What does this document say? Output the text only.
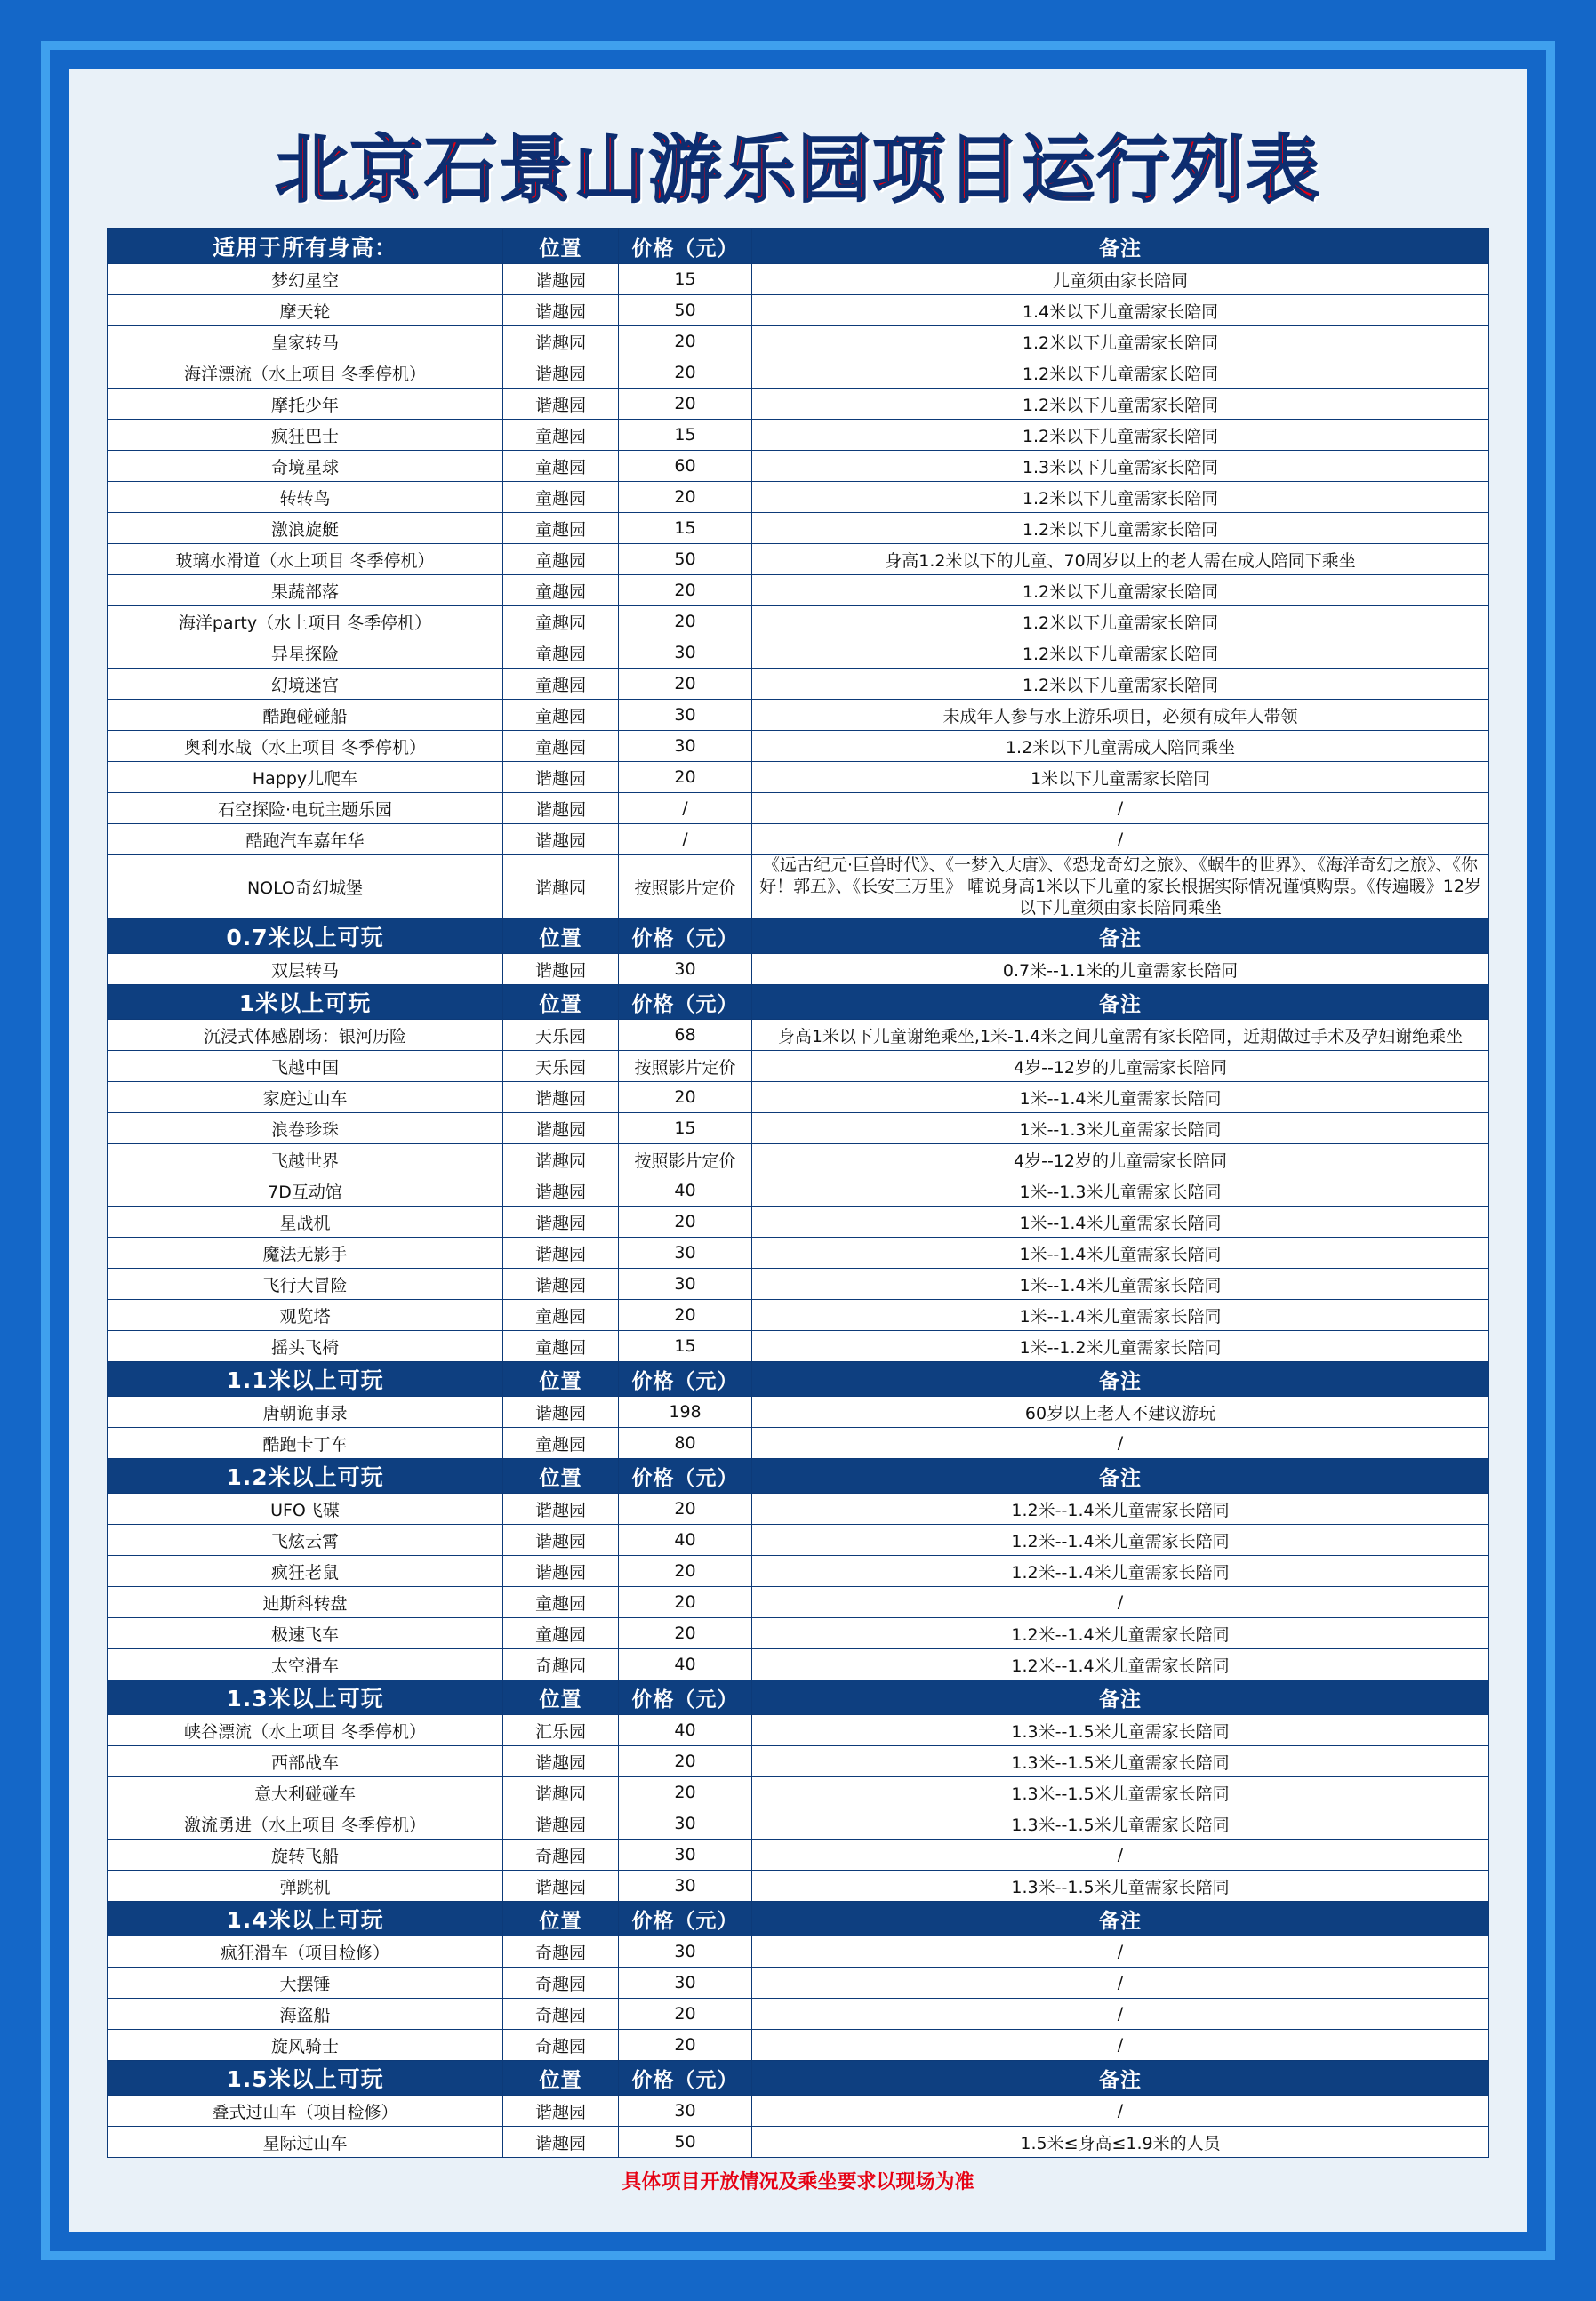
北京石景山游乐园项目运行列表
适用于所有身高：	位置	价格（元）	备注
梦幻星空	谐趣园	15	儿童须由家长陪同
摩天轮	谐趣园	50	1.4米以下儿童需家长陪同
皇家转马	谐趣园	20	1.2米以下儿童需家长陪同
海洋漂流（水上项目 冬季停机）	谐趣园	20	1.2米以下儿童需家长陪同
摩托少年	谐趣园	20	1.2米以下儿童需家长陪同
疯狂巴士	童趣园	15	1.2米以下儿童需家长陪同
奇境星球	童趣园	60	1.3米以下儿童需家长陪同
转转鸟	童趣园	20	1.2米以下儿童需家长陪同
激浪旋艇	童趣园	15	1.2米以下儿童需家长陪同
玻璃水滑道（水上项目 冬季停机）	童趣园	50	身高1.2米以下的儿童、70周岁以上的老人需在成人陪同下乘坐
果蔬部落	童趣园	20	1.2米以下儿童需家长陪同
海洋party（水上项目 冬季停机）	童趣园	20	1.2米以下儿童需家长陪同
异星探险	童趣园	30	1.2米以下儿童需家长陪同
幻境迷宫	童趣园	20	1.2米以下儿童需家长陪同
酷跑碰碰船	童趣园	30	未成年人参与水上游乐项目，必须有成年人带领
奥利水战（水上项目 冬季停机）	童趣园	30	1.2米以下儿童需成人陪同乘坐
Happy儿爬车	谐趣园	20	1米以下儿童需家长陪同
石空探险·电玩主题乐园	谐趣园	/	/
酷跑汽车嘉年华	谐趣园	/	/
NOLO奇幻城堡	谐趣园	按照影片定价	《远古纪元·巨兽时代》、《一梦入大唐》、《恐龙奇幻之旅》、《蜗牛的世界》、《海洋奇幻之旅》、《你好！郭五》、《长安三万里》 嚯说身高1米以下儿童的家长根据实际情况谨慎购票。《传遍暖》12岁以下儿童须由家长陪同乘坐
0.7米以上可玩	位置	价格（元）	备注
双层转马	谐趣园	30	0.7米--1.1米的儿童需家长陪同
1米以上可玩	位置	价格（元）	备注
沉浸式体感剧场：银河历险	天乐园	68	身高1米以下儿童谢绝乘坐,1米-1.4米之间儿童需有家长陪同，近期做过手术及孕妇谢绝乘坐
飞越中国	天乐园	按照影片定价	4岁--12岁的儿童需家长陪同
家庭过山车	谐趣园	20	1米--1.4米儿童需家长陪同
浪卷珍珠	谐趣园	15	1米--1.3米儿童需家长陪同
飞越世界	谐趣园	按照影片定价	4岁--12岁的儿童需家长陪同
7D互动馆	谐趣园	40	1米--1.3米儿童需家长陪同
星战机	谐趣园	20	1米--1.4米儿童需家长陪同
魔法无影手	谐趣园	30	1米--1.4米儿童需家长陪同
飞行大冒险	谐趣园	30	1米--1.4米儿童需家长陪同
观览塔	童趣园	20	1米--1.4米儿童需家长陪同
摇头飞椅	童趣园	15	1米--1.2米儿童需家长陪同
1.1米以上可玩	位置	价格（元）	备注
唐朝诡事录	谐趣园	198	60岁以上老人不建议游玩
酷跑卡丁车	童趣园	80	/
1.2米以上可玩	位置	价格（元）	备注
UFO飞碟	谐趣园	20	1.2米--1.4米儿童需家长陪同
飞炫云霄	谐趣园	40	1.2米--1.4米儿童需家长陪同
疯狂老鼠	谐趣园	20	1.2米--1.4米儿童需家长陪同
迪斯科转盘	童趣园	20	/
极速飞车	童趣园	20	1.2米--1.4米儿童需家长陪同
太空滑车	奇趣园	40	1.2米--1.4米儿童需家长陪同
1.3米以上可玩	位置	价格（元）	备注
峡谷漂流（水上项目 冬季停机）	汇乐园	40	1.3米--1.5米儿童需家长陪同
西部战车	谐趣园	20	1.3米--1.5米儿童需家长陪同
意大利碰碰车	谐趣园	20	1.3米--1.5米儿童需家长陪同
激流勇进（水上项目 冬季停机）	谐趣园	30	1.3米--1.5米儿童需家长陪同
旋转飞船	奇趣园	30	/
弹跳机	谐趣园	30	1.3米--1.5米儿童需家长陪同
1.4米以上可玩	位置	价格（元）	备注
疯狂滑车（项目检修）	奇趣园	30	/
大摆锤	奇趣园	30	/
海盗船	奇趣园	20	/
旋风骑士	奇趣园	20	/
1.5米以上可玩	位置	价格（元）	备注
叠式过山车（项目检修）	谐趣园	30	/
星际过山车	谐趣园	50	1.5米≤身高≤1.9米的人员
具体项目开放情况及乘坐要求以现场为准
